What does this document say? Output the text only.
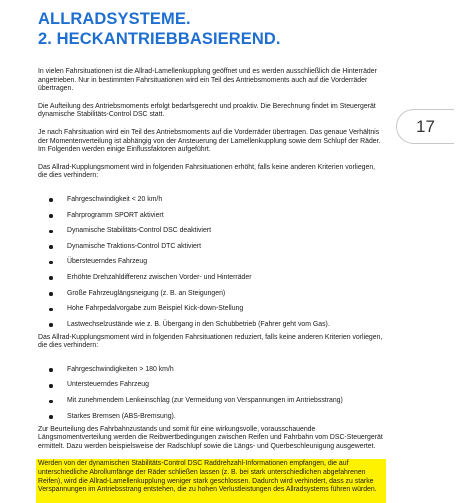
ALLRADSYSTEME.
2. HECKANTRIEBBASIEREND.
17

In vielen Fahrsituationen ist die Allrad-Lamellenkupplung geöffnet und es werden ausschließlich die Hinterräder angetrieben. Nur in bestimmten Fahrsituationen wird ein Teil des Antriebsmoments auch auf die Vorderräder übertragen.

Die Aufteilung des Antriebsmoments erfolgt bedarfsgerecht und proaktiv. Die Berechnung findet im Steuergerät dynamische Stabilitäts-Control DSC statt.

Je nach Fahrsituation wird ein Teil des Antriebsmoments auf die Vorderräder übertragen. Das genaue Verhältnis der Momentenverteilung ist abhängig von der Ansteuerung der Lamellenkupplung sowie dem Schlupf der Räder. Im Folgenden werden einige Einflussfaktoren aufgeführt.

Das Allrad-Kupplungsmoment wird in folgenden Fahrsituationen erhöht, falls keine anderen Kriterien vorliegen, die dies verhindern:

Fahrgeschwindigkeit < 20 km/h
Fahrprogramm SPORT aktiviert
Dynamische Stabilitäts-Control DSC deaktiviert
Dynamische Traktions-Control DTC aktiviert
Übersteuerndes Fahrzeug
Erhöhte Drehzahldifferenz zwischen Vorder- und Hinterräder
Große Fahrzeuglängsneigung (z. B. an Steigungen)
Hohe Fahrpedalvorgabe zum Beispiel Kick-down-Stellung
Lastwechselzustände wie z. B. Übergang in den Schubbetrieb (Fahrer geht vom Gas).

Das Allrad-Kupplungsmoment wird in folgenden Fahrsituationen reduziert, falls keine anderen Kriterien vorliegen, die dies verhindern:

Fahrgeschwindigkeiten > 180 km/h
Untersteuerndes Fahrzeug
Mit zunehmendem Lenkeinschlag (zur Vermeidung von Verspannungen im Antriebsstrang)
Starkes Bremsen (ABS-Bremsung).

Zur Beurteilung des Fahrbahnzustands und somit für eine wirkungsvolle, vorausschauende Längsmomentverteilung werden die Reibwertbedingungen zwischen Reifen und Fahrbahn vom DSC-Steuergerät ermittelt. Dazu werden beispielsweise der Radschlupf sowie die Längs- und Querbeschleunigung ausgewertet.

Werden von der dynamischen Stabilitäts-Control DSC Raddrehzahl-Informationen empfangen, die auf unterschiedliche Abrollumfänge der Räder schließen lassen (z. B. bei stark unterschiedlichen abgefahrenen Reifen), wird die Allrad-Lamellenkupplung weniger stark geschlossen. Dadurch wird verhindert, dass zu starke Verspannungen im Antriebsstrang entstehen, die zu hohen Verlustleistungen des Allradsystems führen würden.
